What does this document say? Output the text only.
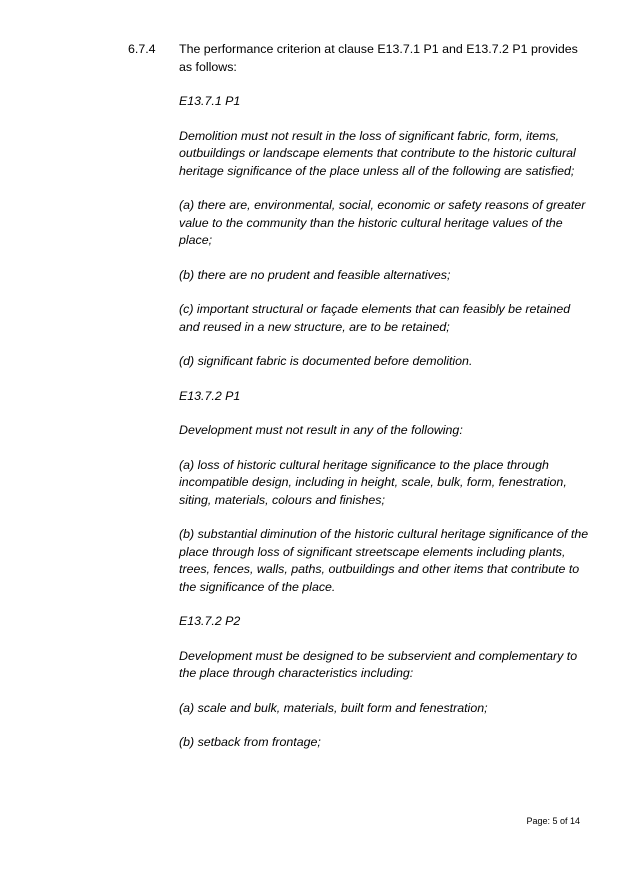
6.7.4 The performance criterion at clause E13.7.1 P1 and E13.7.2 P1 provides as follows:

E13.7.1 P1

Demolition must not result in the loss of significant fabric, form, items, outbuildings or landscape elements that contribute to the historic cultural heritage significance of the place unless all of the following are satisfied;

(a) there are, environmental, social, economic or safety reasons of greater value to the community than the historic cultural heritage values of the place;

(b) there are no prudent and feasible alternatives;

(c) important structural or façade elements that can feasibly be retained and reused in a new structure, are to be retained;

(d) significant fabric is documented before demolition.

E13.7.2 P1

Development must not result in any of the following:

(a) loss of historic cultural heritage significance to the place through incompatible design, including in height, scale, bulk, form, fenestration, siting, materials, colours and finishes;

(b) substantial diminution of the historic cultural heritage significance of the place through loss of significant streetscape elements including plants, trees, fences, walls, paths, outbuildings and other items that contribute to the significance of the place.

E13.7.2 P2

Development must be designed to be subservient and complementary to the place through characteristics including:

(a) scale and bulk, materials, built form and fenestration;

(b) setback from frontage;

Page: 5 of 14
